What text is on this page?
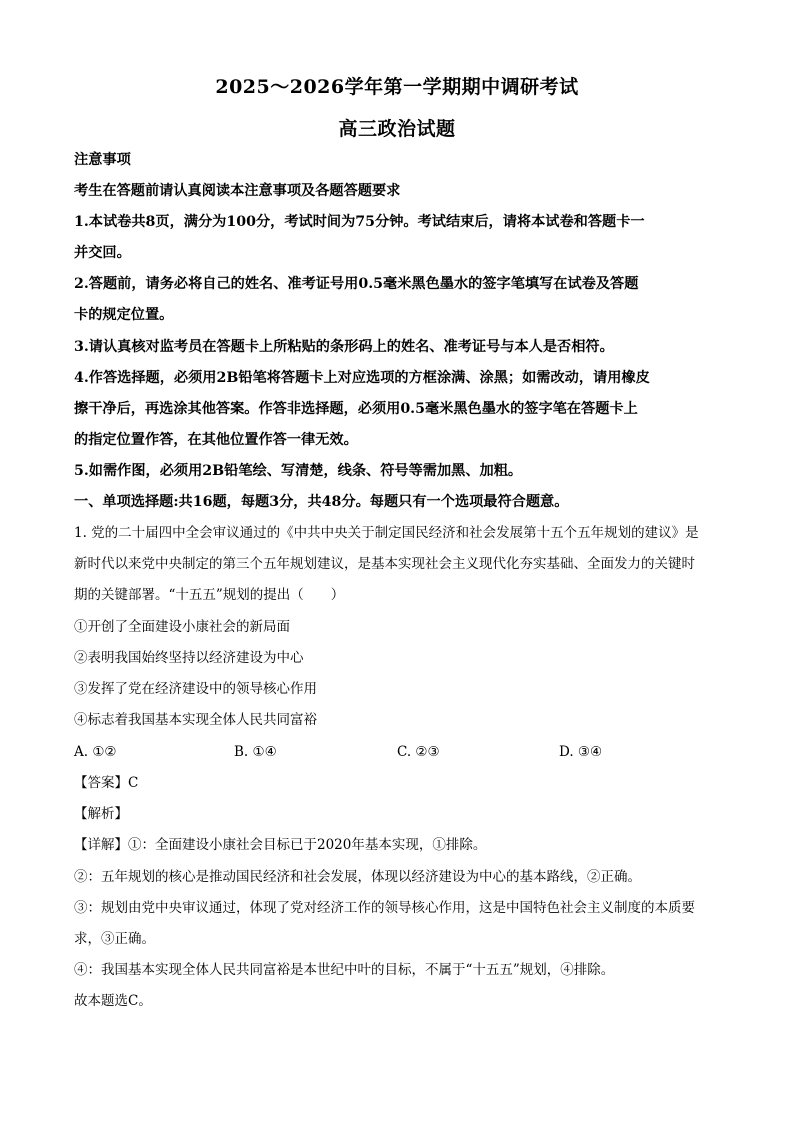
2025～2026学年第一学期期中调研考试
高三政治试题
注意事项
考生在答题前请认真阅读本注意事项及各题答题要求
1.本试卷共8页，满分为100分，考试时间为75分钟。考试结束后，请将本试卷和答题卡一
并交回。
2.答题前，请务必将自己的姓名、准考证号用0.5毫米黑色墨水的签字笔填写在试卷及答题
卡的规定位置。
3.请认真核对监考员在答题卡上所粘贴的条形码上的姓名、准考证号与本人是否相符。
4.作答选择题，必须用2B铅笔将答题卡上对应选项的方框涂满、涂黑；如需改动，请用橡皮
擦干净后，再选涂其他答案。作答非选择题，必须用0.5毫米黑色墨水的签字笔在答题卡上
的指定位置作答，在其他位置作答一律无效。
5.如需作图，必须用2B铅笔绘、写清楚，线条、符号等需加黑、加粗。
一、单项选择题:共16题，每题3分，共48分。每题只有一个选项最符合题意。
1. 党的二十届四中全会审议通过的《中共中央关于制定国民经济和社会发展第十五个五年规划的建议》是
新时代以来党中央制定的第三个五年规划建议，是基本实现社会主义现代化夯实基础、全面发力的关键时
期的关键部署。“十五五”规划的提出（　　）
①开创了全面建设小康社会的新局面
②表明我国始终坚持以经济建设为中心
③发挥了党在经济建设中的领导核心作用
④标志着我国基本实现全体人民共同富裕
A. ①②	B. ①④	C. ②③	D. ③④
【答案】C
【解析】
【详解】①：全面建设小康社会目标已于2020年基本实现，①排除。
②：五年规划的核心是推动国民经济和社会发展，体现以经济建设为中心的基本路线，②正确。
③：规划由党中央审议通过，体现了党对经济工作的领导核心作用，这是中国特色社会主义制度的本质要
求，③正确。
④：我国基本实现全体人民共同富裕是本世纪中叶的目标，不属于“十五五”规划，④排除。
故本题选C。
